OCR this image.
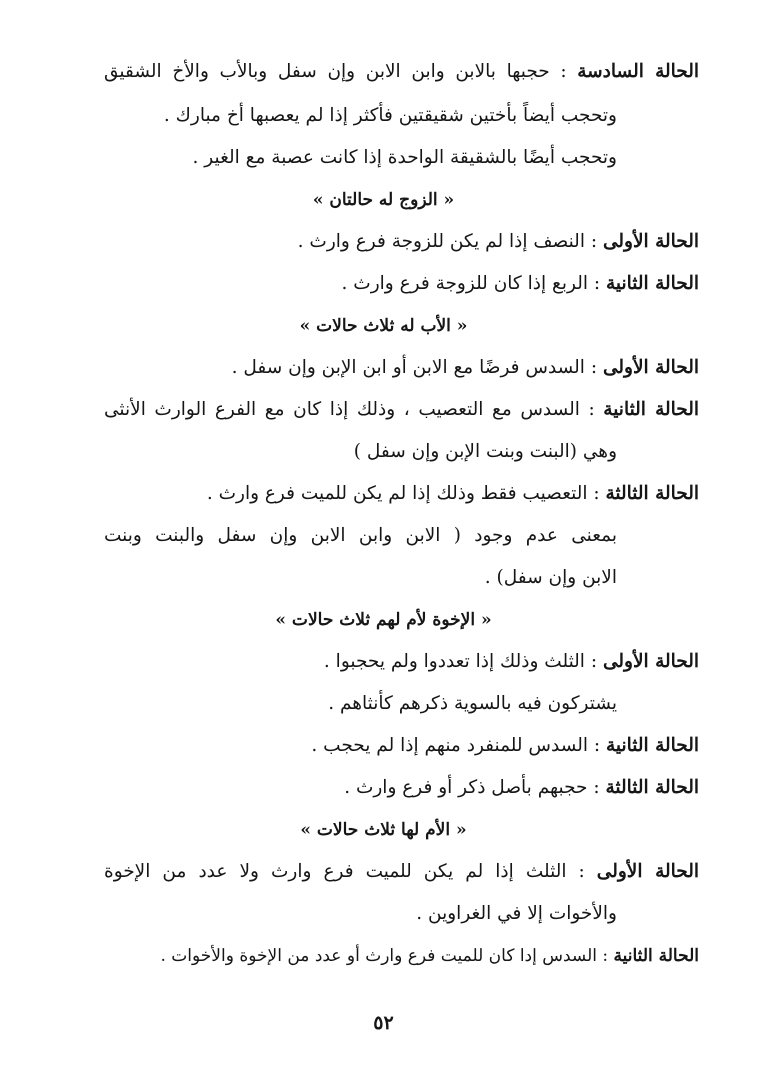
الحالة السادسة : حجبها بالابن وابن الابن وإن سفل وبالأب والأخ الشقيق
وتحجب أيضاً بأختين شقيقتين فأكثر إذا لم يعصبها أخ مبارك .
وتحجب أيضًا بالشقيقة الواحدة إذا كانت عصبة مع الغير .
« الزوج له حالتان »
الحالة الأولى : النصف إذا لم يكن للزوجة فرع وارث .
الحالة الثانية : الربع إذا كان للزوجة فرع وارث .
« الأب له ثلاث حالات »
الحالة الأولى : السدس فرضًا مع الابن أو ابن الإبن وإن سفل .
الحالة الثانية : السدس مع التعصيب ، وذلك إذا كان مع الفرع الوارث الأنثى
وهي (البنت وبنت الإبن وإن سفل )
الحالة الثالثة : التعصيب فقط وذلك إذا لم يكن للميت فرع وارث .
بمعنى عدم وجود ( الابن وابن الابن وإن سفل والبنت وبنت
الابن وإن سفل) .
« الإخوة لأم لهم ثلاث حالات »
الحالة الأولى : الثلث وذلك إذا تعددوا ولم يحجبوا .
يشتركون فيه بالسوية ذكرهم كأنثاهم .
الحالة الثانية : السدس للمنفرد منهم إذا لم يحجب .
الحالة الثالثة : حجبهم بأصل ذكر أو فرع وارث .
« الأم لها ثلاث حالات »
الحالة الأولى : الثلث إذا لم يكن للميت فرع وارث ولا عدد من الإخوة
والأخوات إلا في الغراوين .
الحالة الثانية : السدس إدا كان للميت فرع وارث أو عدد من الإخوة والأخوات .
٥٢
